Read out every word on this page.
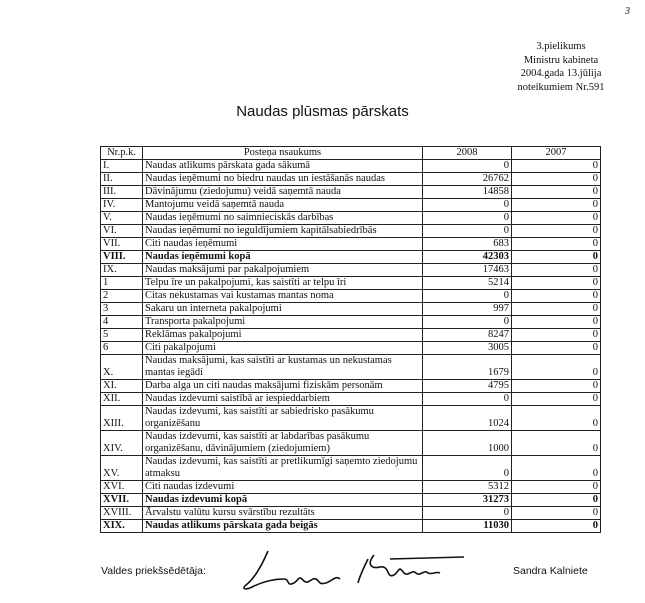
3
3.pielikums
Ministru kabineta
2004.gada 13.jūlija
noteikumiem Nr.591
Naudas plūsmas pārskats
Nr.p.k.	Posteņa nsaukums	2008	2007
I.	Naudas atlikums pārskata gada sākumā	0	0
II.	Naudas ieņēmumi no biedru naudas un iestāšanās naudas	26762	0
III.	Dāvinājumu (ziedojumu) veidā saņemtā nauda	14858	0
IV.	Mantojumu veidā saņemtā nauda	0	0
V.	Naudas ieņēmumi no saimnieciskās darbības	0	0
VI.	Naudas ieņēmumi no ieguldījumiem kapitālsabiedrībās	0	0
VII.	Citi naudas ieņēmumi	683	0
VIII.	Naudas ieņēmumi kopā	42303	0
IX.	Naudas maksājumi par pakalpojumiem	17463	0
1	Telpu īre un pakalpojumi, kas saistīti ar telpu īri	5214	0
2	Citas nekustamas vai kustamas mantas noma	0	0
3	Sakaru un interneta pakalpojumi	997	0
4	Transporta pakalpojumi	0	0
5	Reklāmas pakalpojumi	8247	0
6	Citi pakalpojumi	3005	0
X.	Naudas maksājumi, kas saistīti ar kustamas un nekustamas mantas iegādi	1679	0
XI.	Darba alga un citi naudas maksājumi fiziskām personām	4795	0
XII.	Naudas izdevumi saistībā ar iespieddarbiem	0	0
XIII.	Naudas izdevumi, kas saistīti ar sabiedrisko pasākumu organizēšanu	1024	0
XIV.	Naudas izdevumi, kas saistīti ar labdarības pasākumu organizēšanu, dāvinājumiem (ziedojumiem)	1000	0
XV.	Naudas izdevumi, kas saistīti ar pretlikumīgi saņemto ziedojumu atmaksu	0	0
XVI.	Citi naudas izdevumi	5312	0
XVII.	Naudas izdevumi kopā	31273	0
XVIII.	Ārvalstu valūtu kursu svārstību rezultāts	0	0
XIX.	Naudas atlikums pārskata gada beigās	11030	0
Valdes priekšsēdētāja:	Sandra Kalniete
